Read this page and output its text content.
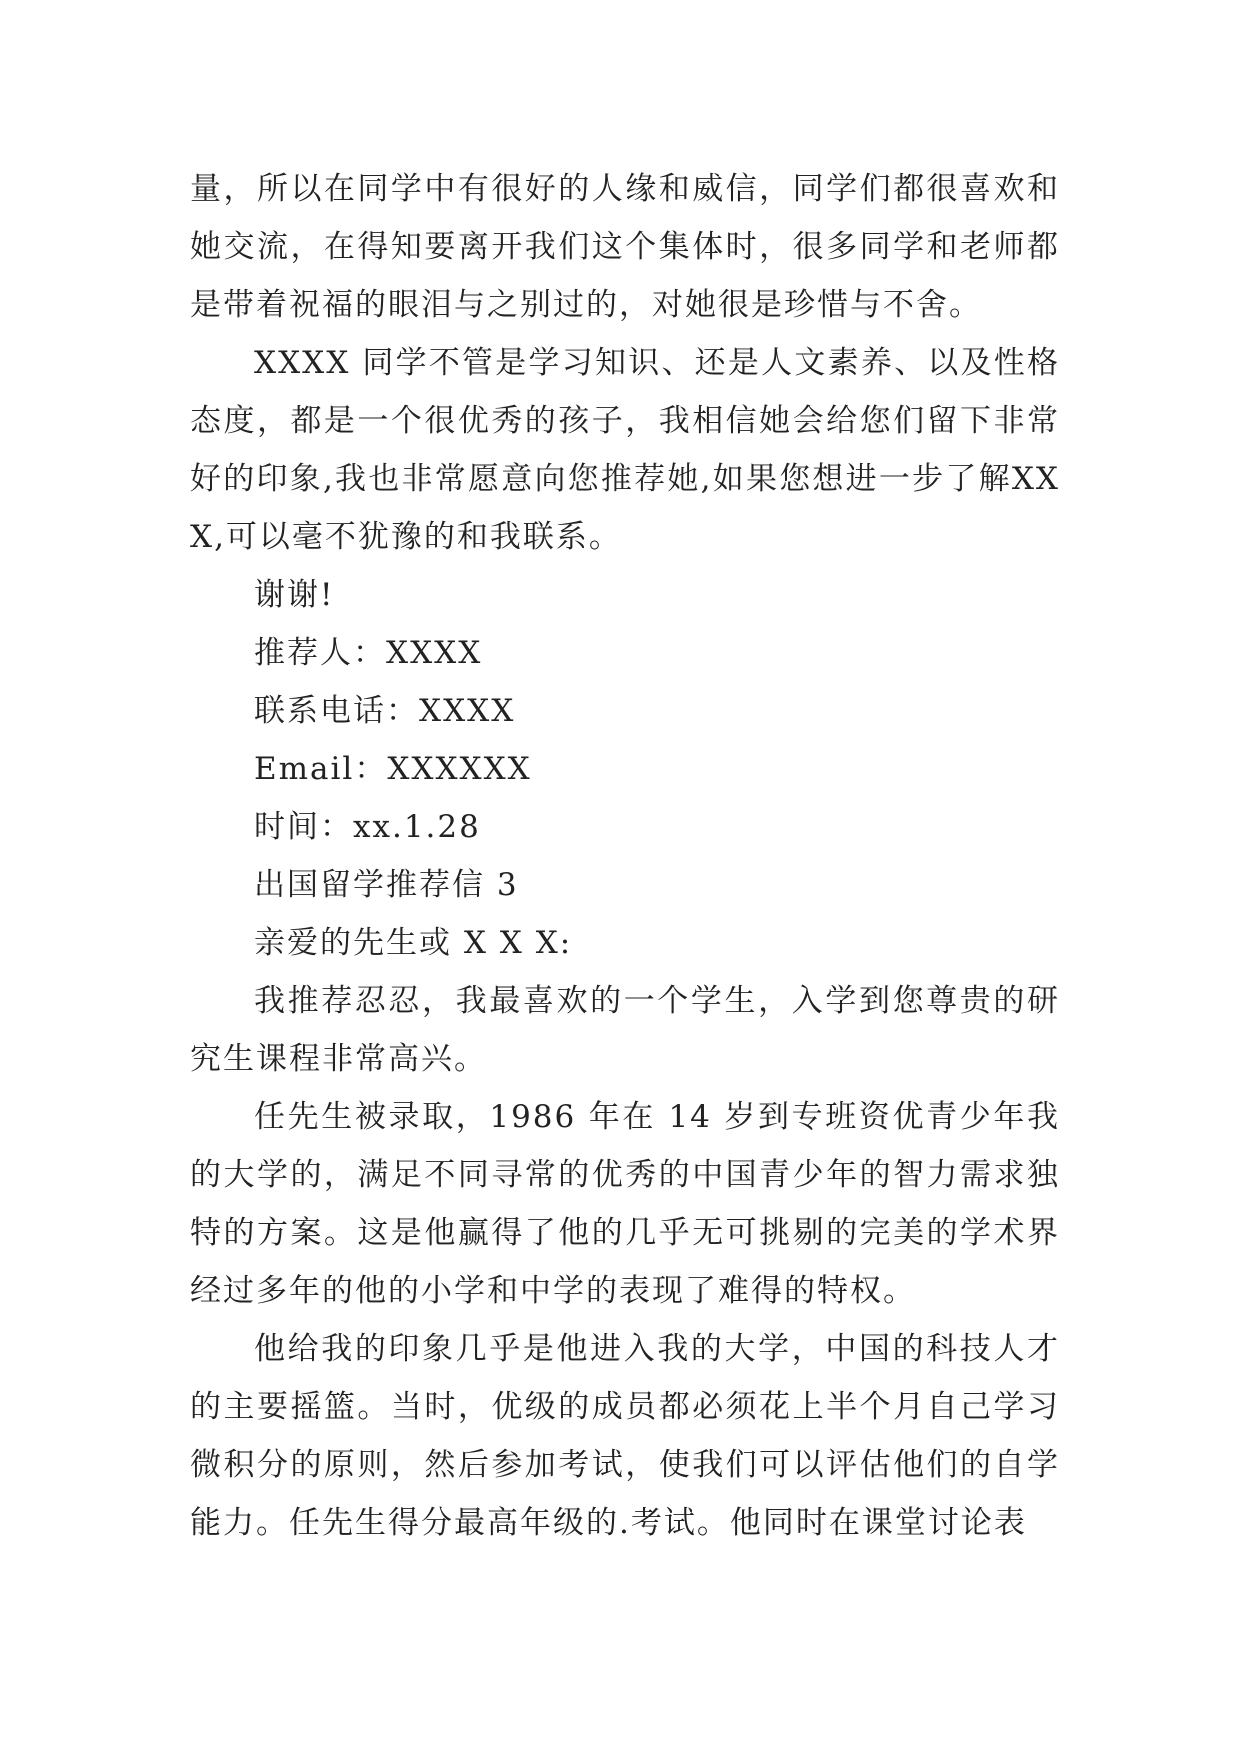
量，所以在同学中有很好的人缘和威信，同学们都很喜欢和她交流，在得知要离开我们这个集体时，很多同学和老师都是带着祝福的眼泪与之别过的，对她很是珍惜与不舍。

XXXX 同学不管是学习知识、还是人文素养、以及性格态度，都是一个很优秀的孩子，我相信她会给您们留下非常好的印象,我也非常愿意向您推荐她,如果您想进一步了解XXX,可以毫不犹豫的和我联系。

谢谢!

推荐人：XXXX

联系电话：XXXX

Email：XXXXXX

时间：xx.1.28

出国留学推荐信 3

亲爱的先生或 X X X:

我推荐忍忍，我最喜欢的一个学生，入学到您尊贵的研究生课程非常高兴。

任先生被录取，1986 年在 14 岁到专班资优青少年我的大学的，满足不同寻常的优秀的中国青少年的智力需求独特的方案。这是他赢得了他的几乎无可挑剔的完美的学术界经过多年的他的小学和中学的表现了难得的特权。

他给我的印象几乎是他进入我的大学，中国的科技人才的主要摇篮。当时，优级的成员都必须花上半个月自己学习微积分的原则，然后参加考试，使我们可以评估他们的自学能力。任先生得分最高年级的.考试。他同时在课堂讨论表
